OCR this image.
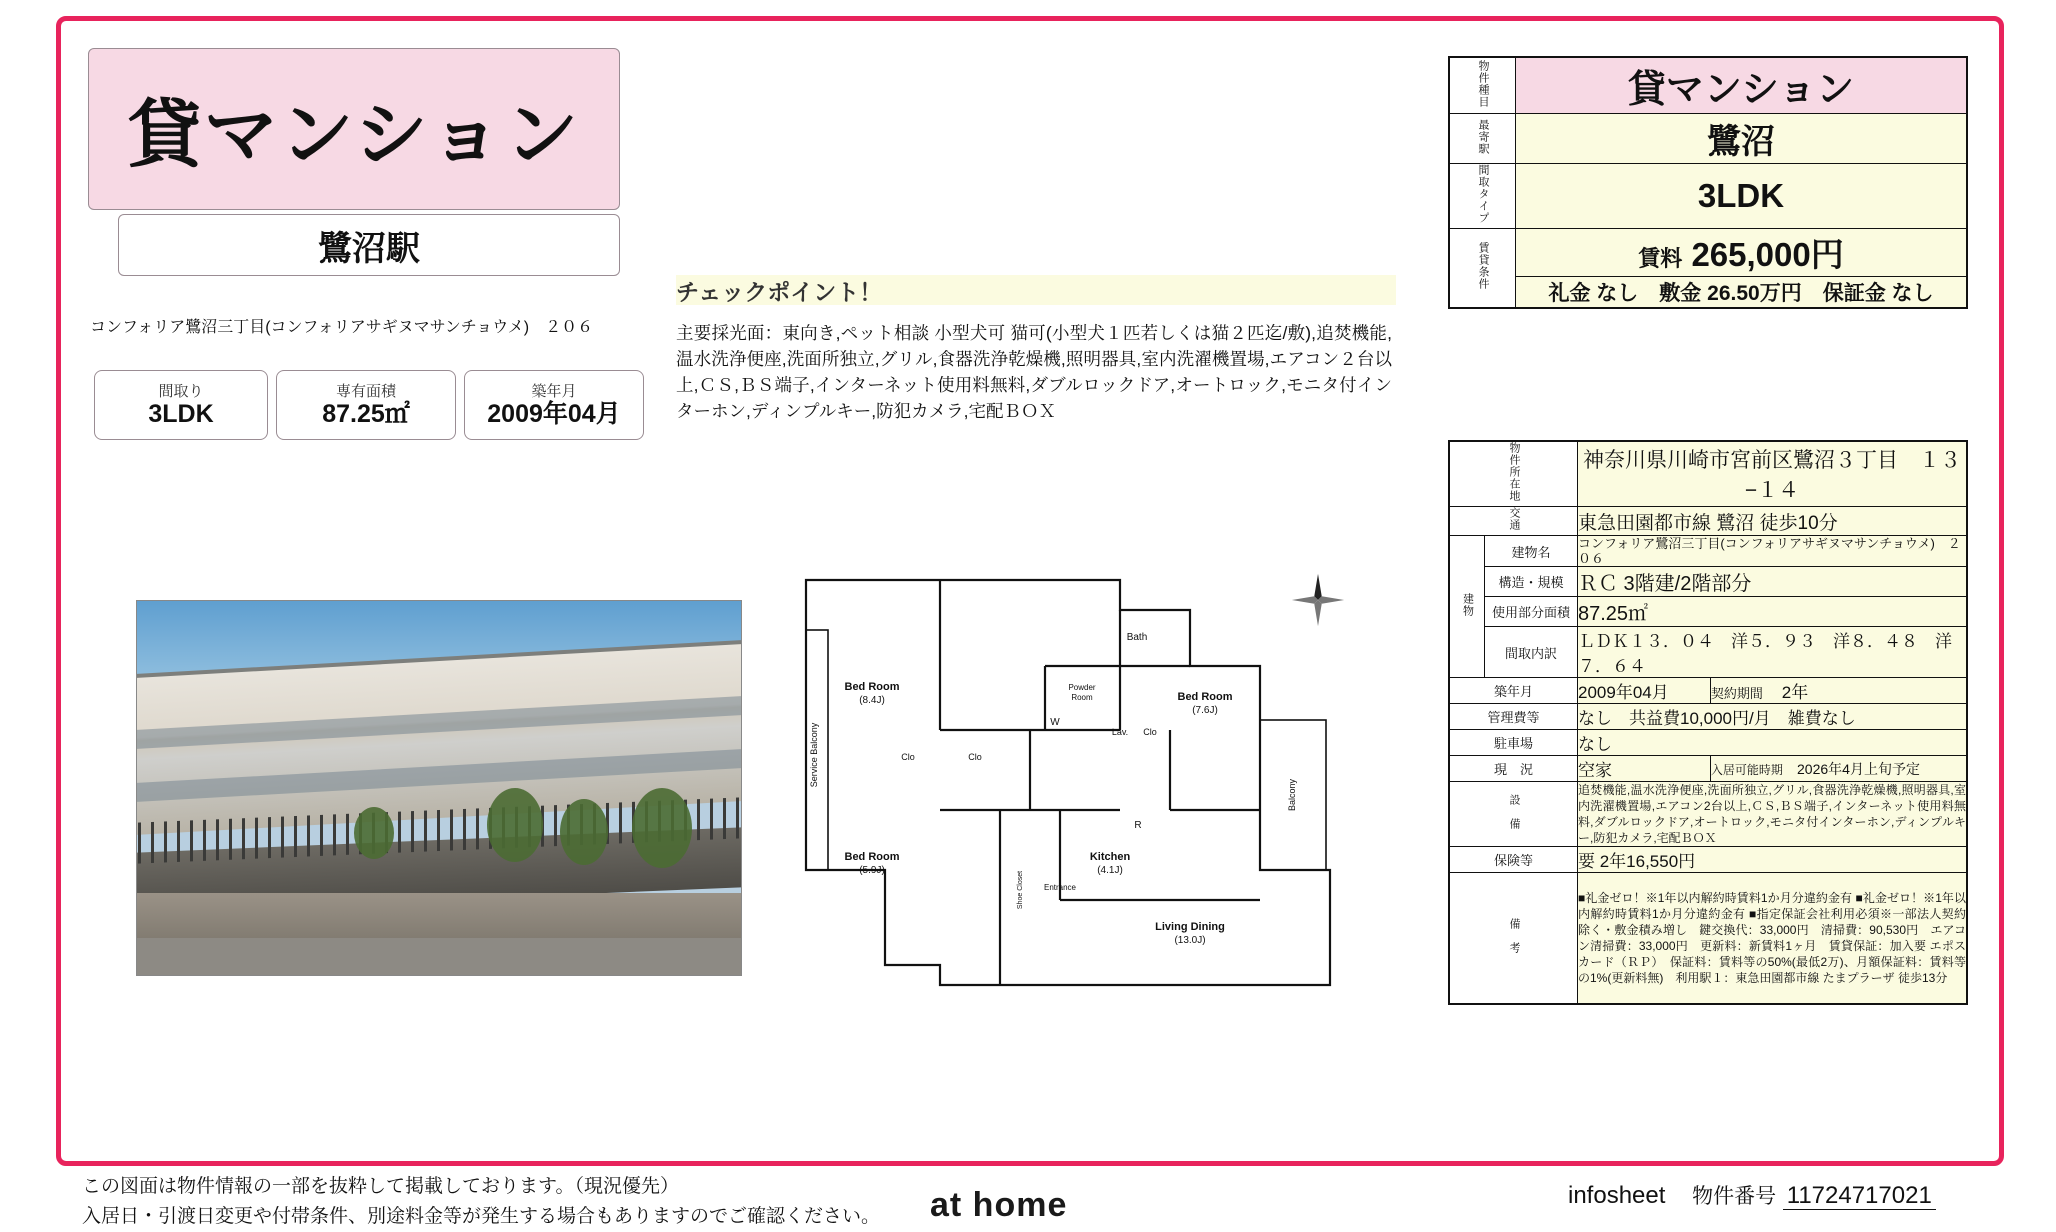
貸マンション
鷺沼駅
コンフォリア鷺沼三丁目(コンフォリアサギヌマサンチョウメ)　２０６
間取り
3LDK
専有面積
87.25㎡
築年月
2009年04月
チェックポイント！
主要採光面：東向き,ペット相談 小型犬可 猫可(小型犬１匹若しくは猫２匹迄/敷),追焚機能,温水洗浄便座,洗面所独立,グリル,食器洗浄乾燥機,照明器具,室内洗濯機置場,エアコン２台以上,ＣＳ,ＢＳ端子,インターネット使用料無料,ダブルロックドア,オートロック,モニタ付インターホン,ディンプルキー,防犯カメラ,宅配ＢＯＸ
Bed Room
(8.4J)	Bed Room
(7.6J)
Bed Room
(5.9J)
Kitchen
(4.1J)
Living Dining
(13.0J)
Bath
Powder
Room
Lav.
Clo
Clo
Clo
W
R
Balcony
Service Balcony
Shoe Closet Entrance
物件種目	貸マンション
最寄駅	鷺沼
間取タイプ	3LDK
賃貸条件	賃料 265,000円
	礼金 なし　敷金 26.50万円　保証金 なし
物件所在地		神奈川県川崎市宮前区鷺沼３丁目　１３−１４	
交通		東急田園都市線 鷺沼 徒歩10分	
建物	建物名	コンフォリア鷺沼三丁目(コンフォリアサギヌマサンチョウメ)　２０６	
	構造・規模	ＲＣ 3階建/2階部分	
	使用部分面積	87.25㎡	
	間取内訳	ＬＤＫ１３．０４　洋５．９３　洋８．４８　洋７．６４	
築年月		2009年04月	契約期間 2年
管理費等		なし　共益費10,000円/月　雑費なし	
駐車場		なし	
現　況		空家	入居可能時期 2026年4月上旬予定
設　備		追焚機能,温水洗浄便座,洗面所独立,グリル,食器洗浄乾燥機,照明器具,室内洗濯機置場,エアコン2台以上,ＣＳ,ＢＳ端子,インターネット使用料無料,ダブルロックドア,オートロック,モニタ付インターホン,ディンプルキー,防犯カメラ,宅配ＢＯＸ	
保険等		要 2年16,550円	
備　考		■礼金ゼロ！※1年以内解約時賃料1か月分違約金有 ■礼金ゼロ！※1年以内解約時賃料1か月分違約金有 ■指定保証会社利用必須※一部法人契約除く・敷金積み増し　鍵交換代：33,000円　清掃費：90,530円　エアコン清掃費：33,000円　更新料：新賃料1ヶ月　賃貸保証：加入要 エポスカード（ＲＰ）　保証料：賃料等の50%(最低2万)、月額保証料：賃料等の1%(更新料無)　利用駅１：東急田園都市線 たまプラーザ 徒歩13分	
この図面は物件情報の一部を抜粋して掲載しております。（現況優先）
入居日・引渡日変更や付帯条件、別途料金等が発生する場合もありますのでご確認ください。	at home	infosheet 物件番号 11724717021
